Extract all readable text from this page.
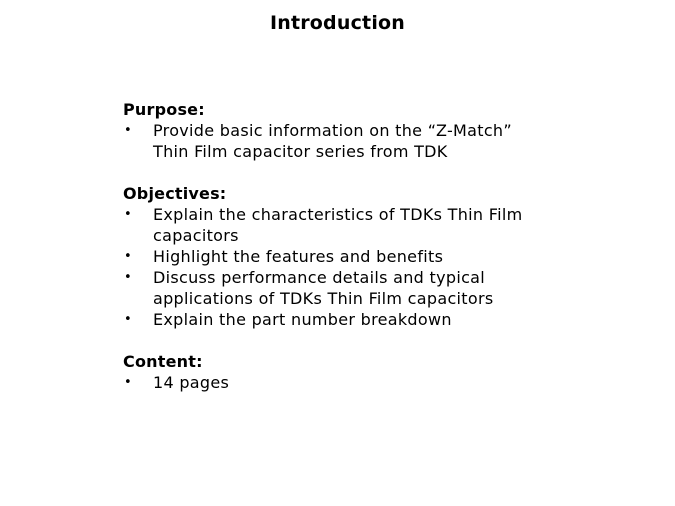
Introduction
Purpose:
• Provide basic information on the “Z-Match” Thin Film capacitor series from TDK
Objectives:
• Explain the characteristics of TDKs Thin Film capacitors
• Highlight the features and benefits
• Discuss performance details and typical applications of TDKs Thin Film capacitors
• Explain the part number breakdown
Content:
• 14 pages
